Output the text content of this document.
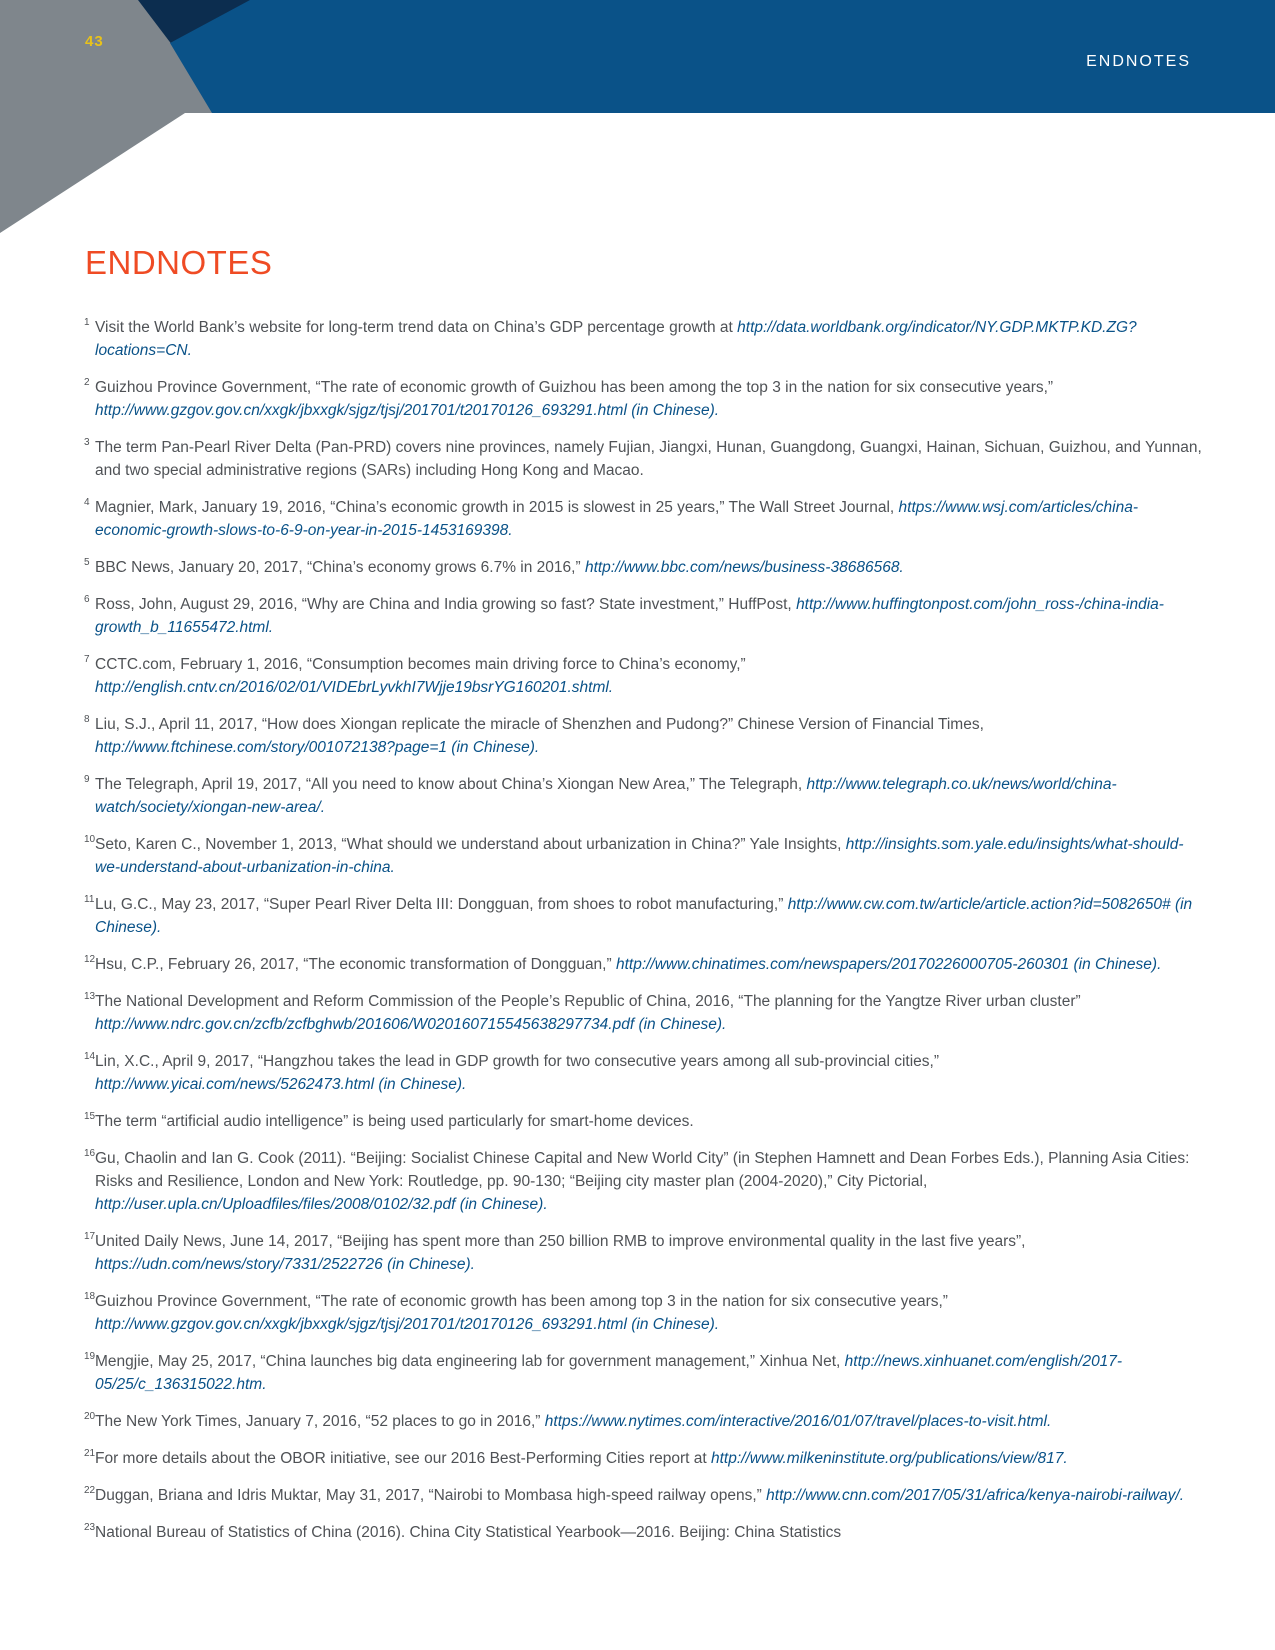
43
ENDNOTES
ENDNOTES
1 Visit the World Bank’s website for long-term trend data on China’s GDP percentage growth at http://data.worldbank.org/indicator/NY.GDP.MKTP.KD.ZG?locations=CN.
2 Guizhou Province Government, “The rate of economic growth of Guizhou has been among the top 3 in the nation for six consecutive years,” http://www.gzgov.gov.cn/xxgk/jbxxgk/sjgz/tjsj/201701/t20170126_693291.html (in Chinese).
3 The term Pan-Pearl River Delta (Pan-PRD) covers nine provinces, namely Fujian, Jiangxi, Hunan, Guangdong, Guangxi, Hainan, Sichuan, Guizhou, and Yunnan, and two special administrative regions (SARs) including Hong Kong and Macao.
4 Magnier, Mark, January 19, 2016, “China’s economic growth in 2015 is slowest in 25 years,” The Wall Street Journal, https://www.wsj.com/articles/china-economic-growth-slows-to-6-9-on-year-in-2015-1453169398.
5 BBC News, January 20, 2017, “China’s economy grows 6.7% in 2016,” http://www.bbc.com/news/business-38686568.
6 Ross, John, August 29, 2016, “Why are China and India growing so fast? State investment,” HuffPost, http://www.huffingtonpost.com/john_ross-/china-india-growth_b_11655472.html.
7 CCTC.com, February 1, 2016, “Consumption becomes main driving force to China’s economy,” http://english.cntv.cn/2016/02/01/VIDEbrLyvkhI7Wjje19bsrYG160201.shtml.
8 Liu, S.J., April 11, 2017, “How does Xiongan replicate the miracle of Shenzhen and Pudong?” Chinese Version of Financial Times, http://www.ftchinese.com/story/001072138?page=1 (in Chinese).
9 The Telegraph, April 19, 2017, “All you need to know about China’s Xiongan New Area,” The Telegraph, http://www.telegraph.co.uk/news/world/china-watch/society/xiongan-new-area/.
10 Seto, Karen C., November 1, 2013, “What should we understand about urbanization in China?” Yale Insights, http://insights.som.yale.edu/insights/what-should-we-understand-about-urbanization-in-china.
11 Lu, G.C., May 23, 2017, “Super Pearl River Delta III: Dongguan, from shoes to robot manufacturing,” http://www.cw.com.tw/article/article.action?id=5082650# (in Chinese).
12 Hsu, C.P., February 26, 2017, “The economic transformation of Dongguan,” http://www.chinatimes.com/newspapers/20170226000705-260301 (in Chinese).
13 The National Development and Reform Commission of the People’s Republic of China, 2016, “The planning for the Yangtze River urban cluster” http://www.ndrc.gov.cn/zcfb/zcfbghwb/201606/W020160715545638297734.pdf (in Chinese).
14 Lin, X.C., April 9, 2017, “Hangzhou takes the lead in GDP growth for two consecutive years among all sub-provincial cities,” http://www.yicai.com/news/5262473.html (in Chinese).
15 The term “artificial audio intelligence” is being used particularly for smart-home devices.
16 Gu, Chaolin and Ian G. Cook (2011). “Beijing: Socialist Chinese Capital and New World City” (in Stephen Hamnett and Dean Forbes Eds.), Planning Asia Cities: Risks and Resilience, London and New York: Routledge, pp. 90-130; “Beijing city master plan (2004-2020),” City Pictorial, http://user.upla.cn/Uploadfiles/files/2008/0102/32.pdf (in Chinese).
17 United Daily News, June 14, 2017, “Beijing has spent more than 250 billion RMB to improve environmental quality in the last five years”, https://udn.com/news/story/7331/2522726 (in Chinese).
18 Guizhou Province Government, “The rate of economic growth has been among top 3 in the nation for six consecutive years,” http://www.gzgov.gov.cn/xxgk/jbxxgk/sjgz/tjsj/201701/t20170126_693291.html (in Chinese).
19 Mengjie, May 25, 2017, “China launches big data engineering lab for government management,” Xinhua Net, http://news.xinhuanet.com/english/2017-05/25/c_136315022.htm.
20 The New York Times, January 7, 2016, “52 places to go in 2016,” https://www.nytimes.com/interactive/2016/01/07/travel/places-to-visit.html.
21 For more details about the OBOR initiative, see our 2016 Best-Performing Cities report at http://www.milkeninstitute.org/publications/view/817.
22 Duggan, Briana and Idris Muktar, May 31, 2017, “Nairobi to Mombasa high-speed railway opens,” http://www.cnn.com/2017/05/31/africa/kenya-nairobi-railway/.
23 National Bureau of Statistics of China (2016). China City Statistical Yearbook—2016. Beijing: China Statistics
